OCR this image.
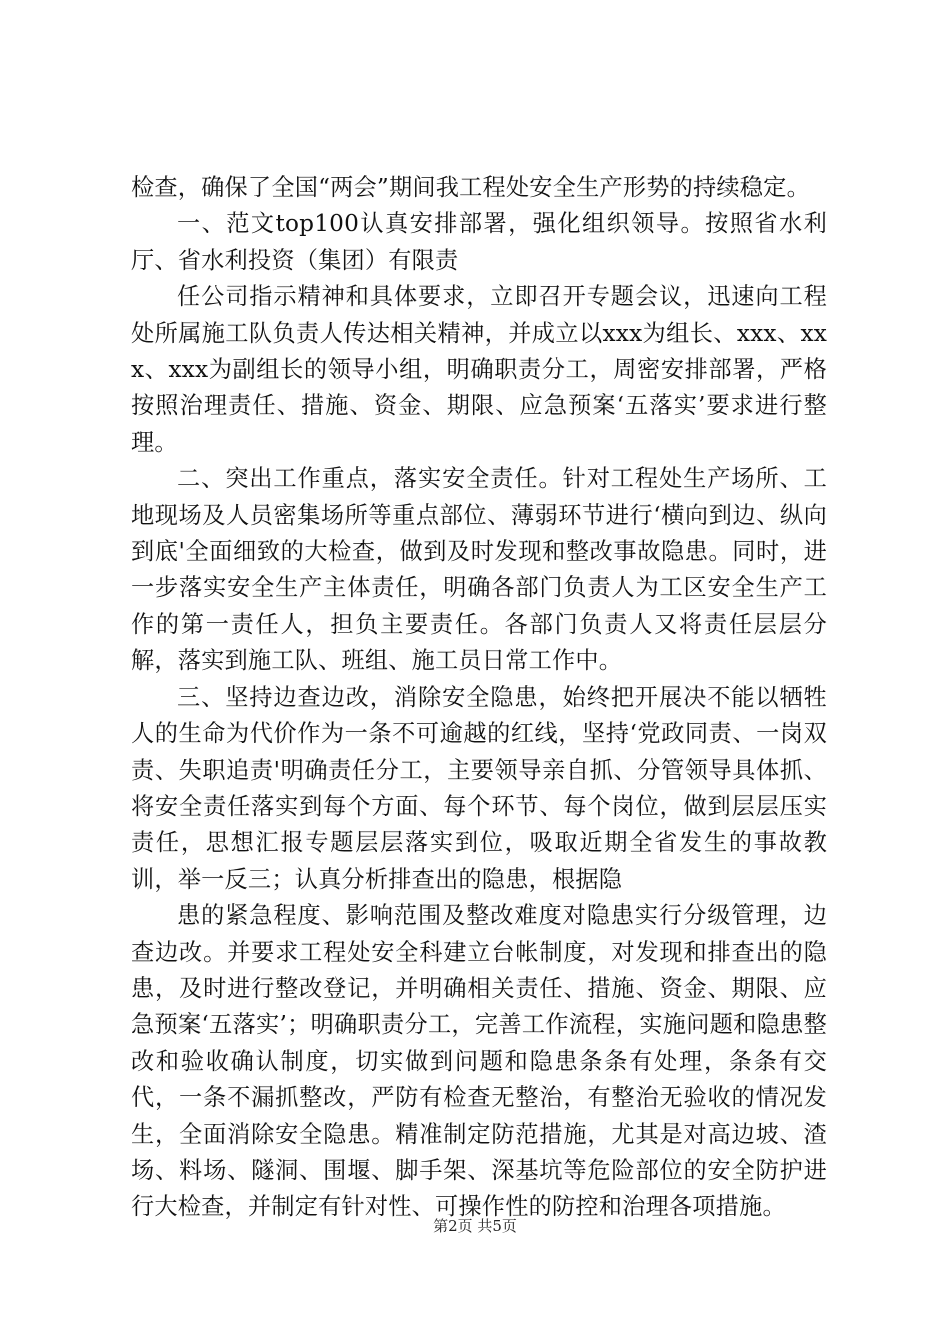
检查，确保了全国“两会”期间我工程处安全生产形势的持续稳定。

一、范文top100认真安排部署，强化组织领导。按照省水利厅、省水利投资（集团）有限责

任公司指示精神和具体要求，立即召开专题会议，迅速向工程处所属施工队负责人传达相关精神，并成立以xxx为组长、xxx、xxx、xxx为副组长的领导小组，明确职责分工，周密安排部署，严格按照治理责任、措施、资金、期限、应急预案‘五落实’要求进行整理。

二、突出工作重点，落实安全责任。针对工程处生产场所、工地现场及人员密集场所等重点部位、薄弱环节进行‘横向到边、纵向到底'全面细致的大检查，做到及时发现和整改事故隐患。同时，进一步落实安全生产主体责任，明确各部门负责人为工区安全生产工作的第一责任人，担负主要责任。各部门负责人又将责任层层分解，落实到施工队、班组、施工员日常工作中。

三、坚持边查边改，消除安全隐患，始终把开展决不能以牺牲人的生命为代价作为一条不可逾越的红线，坚持‘党政同责、一岗双责、失职追责'明确责任分工，主要领导亲自抓、分管领导具体抓、将安全责任落实到每个方面、每个环节、每个岗位，做到层层压实责任，思想汇报专题层层落实到位，吸取近期全省发生的事故教训，举一反三；认真分析排查出的隐患，根据隐

患的紧急程度、影响范围及整改难度对隐患实行分级管理，边查边改。并要求工程处安全科建立台帐制度，对发现和排查出的隐患，及时进行整改登记，并明确相关责任、措施、资金、期限、应急预案‘五落实’；明确职责分工，完善工作流程，实施问题和隐患整改和验收确认制度，切实做到问题和隐患条条有处理，条条有交代，一条不漏抓整改，严防有检查无整治，有整治无验收的情况发生，全面消除安全隐患。精准制定防范措施，尤其是对高边坡、渣场、料场、隧洞、围堰、脚手架、深基坑等危险部位的安全防护进行大检查，并制定有针对性、可操作性的防控和治理各项措施。

第2页 共5页
